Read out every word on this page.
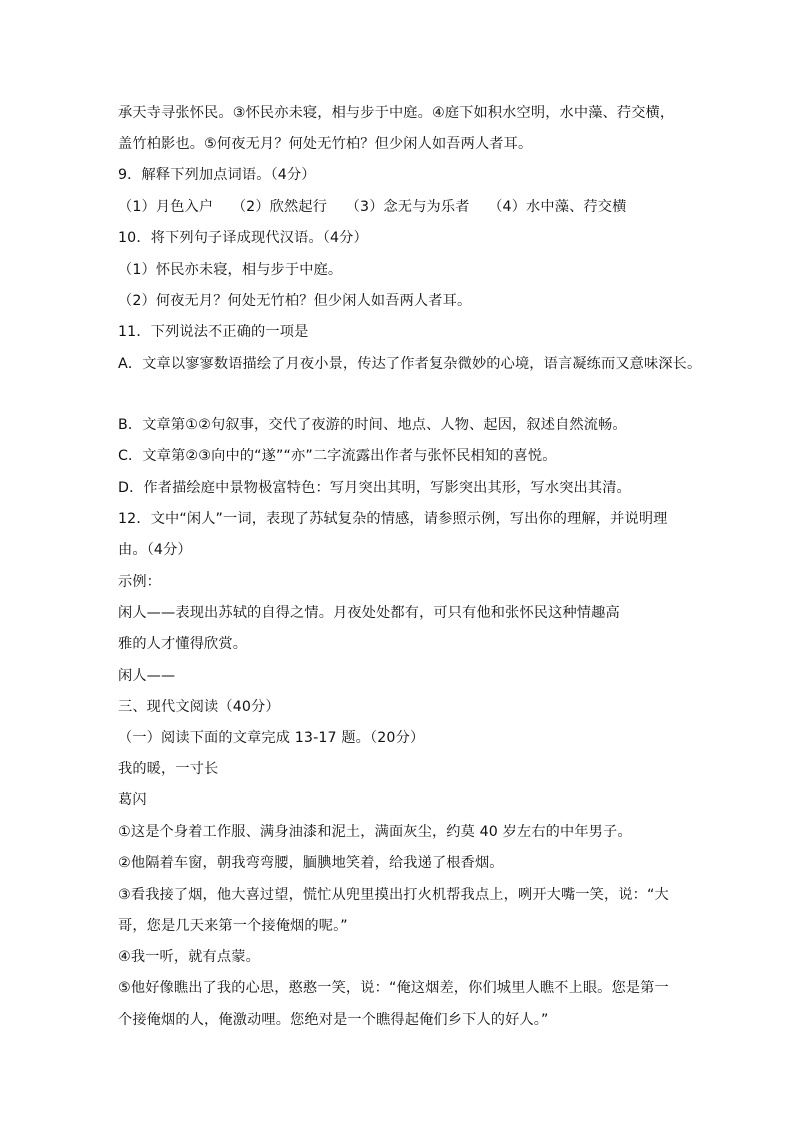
承天寺寻张怀民。③怀民亦未寝，相与步于中庭。④庭下如积水空明，水中藻、荇交横，
盖竹柏影也。⑤何夜无月？何处无竹柏？但少闲人如吾两人者耳。
9．解释下列加点词语。（4分）
（1）月色入户    （2）欣然起行    （3）念无与为乐者    （4）水中藻、荇交横
10．将下列句子译成现代汉语。（4分）
（1）怀民亦未寝，相与步于中庭。
（2）何夜无月？何处无竹柏？但少闲人如吾两人者耳。
11．下列说法不正确的一项是
A．文章以寥寥数语描绘了月夜小景，传达了作者复杂微妙的心境，语言凝练而又意味深长。
B．文章第①②句叙事，交代了夜游的时间、地点、人物、起因，叙述自然流畅。
C．文章第②③向中的“遂”“亦”二字流露出作者与张怀民相知的喜悦。
D．作者描绘庭中景物极富特色：写月突出其明，写影突出其形，写水突出其清。
12．文中“闲人”一词，表现了苏轼复杂的情感，请参照示例，写出你的理解，并说明理
由。（4分）
示例：
闲人——表现出苏轼的自得之情。月夜处处都有，可只有他和张怀民这种情趣高
雅的人才懂得欣赏。
闲人——
三、现代文阅读（40分）
（一）阅读下面的文章完成 13-17 题。（20分）
我的暖，一寸长
葛闪
①这是个身着工作服、满身油漆和泥土，满面灰尘，约莫 40 岁左右的中年男子。
②他隔着车窗，朝我弯弯腰，腼腆地笑着，给我递了根香烟。
③看我接了烟，他大喜过望，慌忙从兜里摸出打火机帮我点上，咧开大嘴一笑，说：“大
哥，您是几天来第一个接俺烟的呢。”
④我一听，就有点蒙。
⑤他好像瞧出了我的心思，憨憨一笑，说：“俺这烟差，你们城里人瞧不上眼。您是第一
个接俺烟的人，俺激动哩。您绝对是一个瞧得起俺们乡下人的好人。”
